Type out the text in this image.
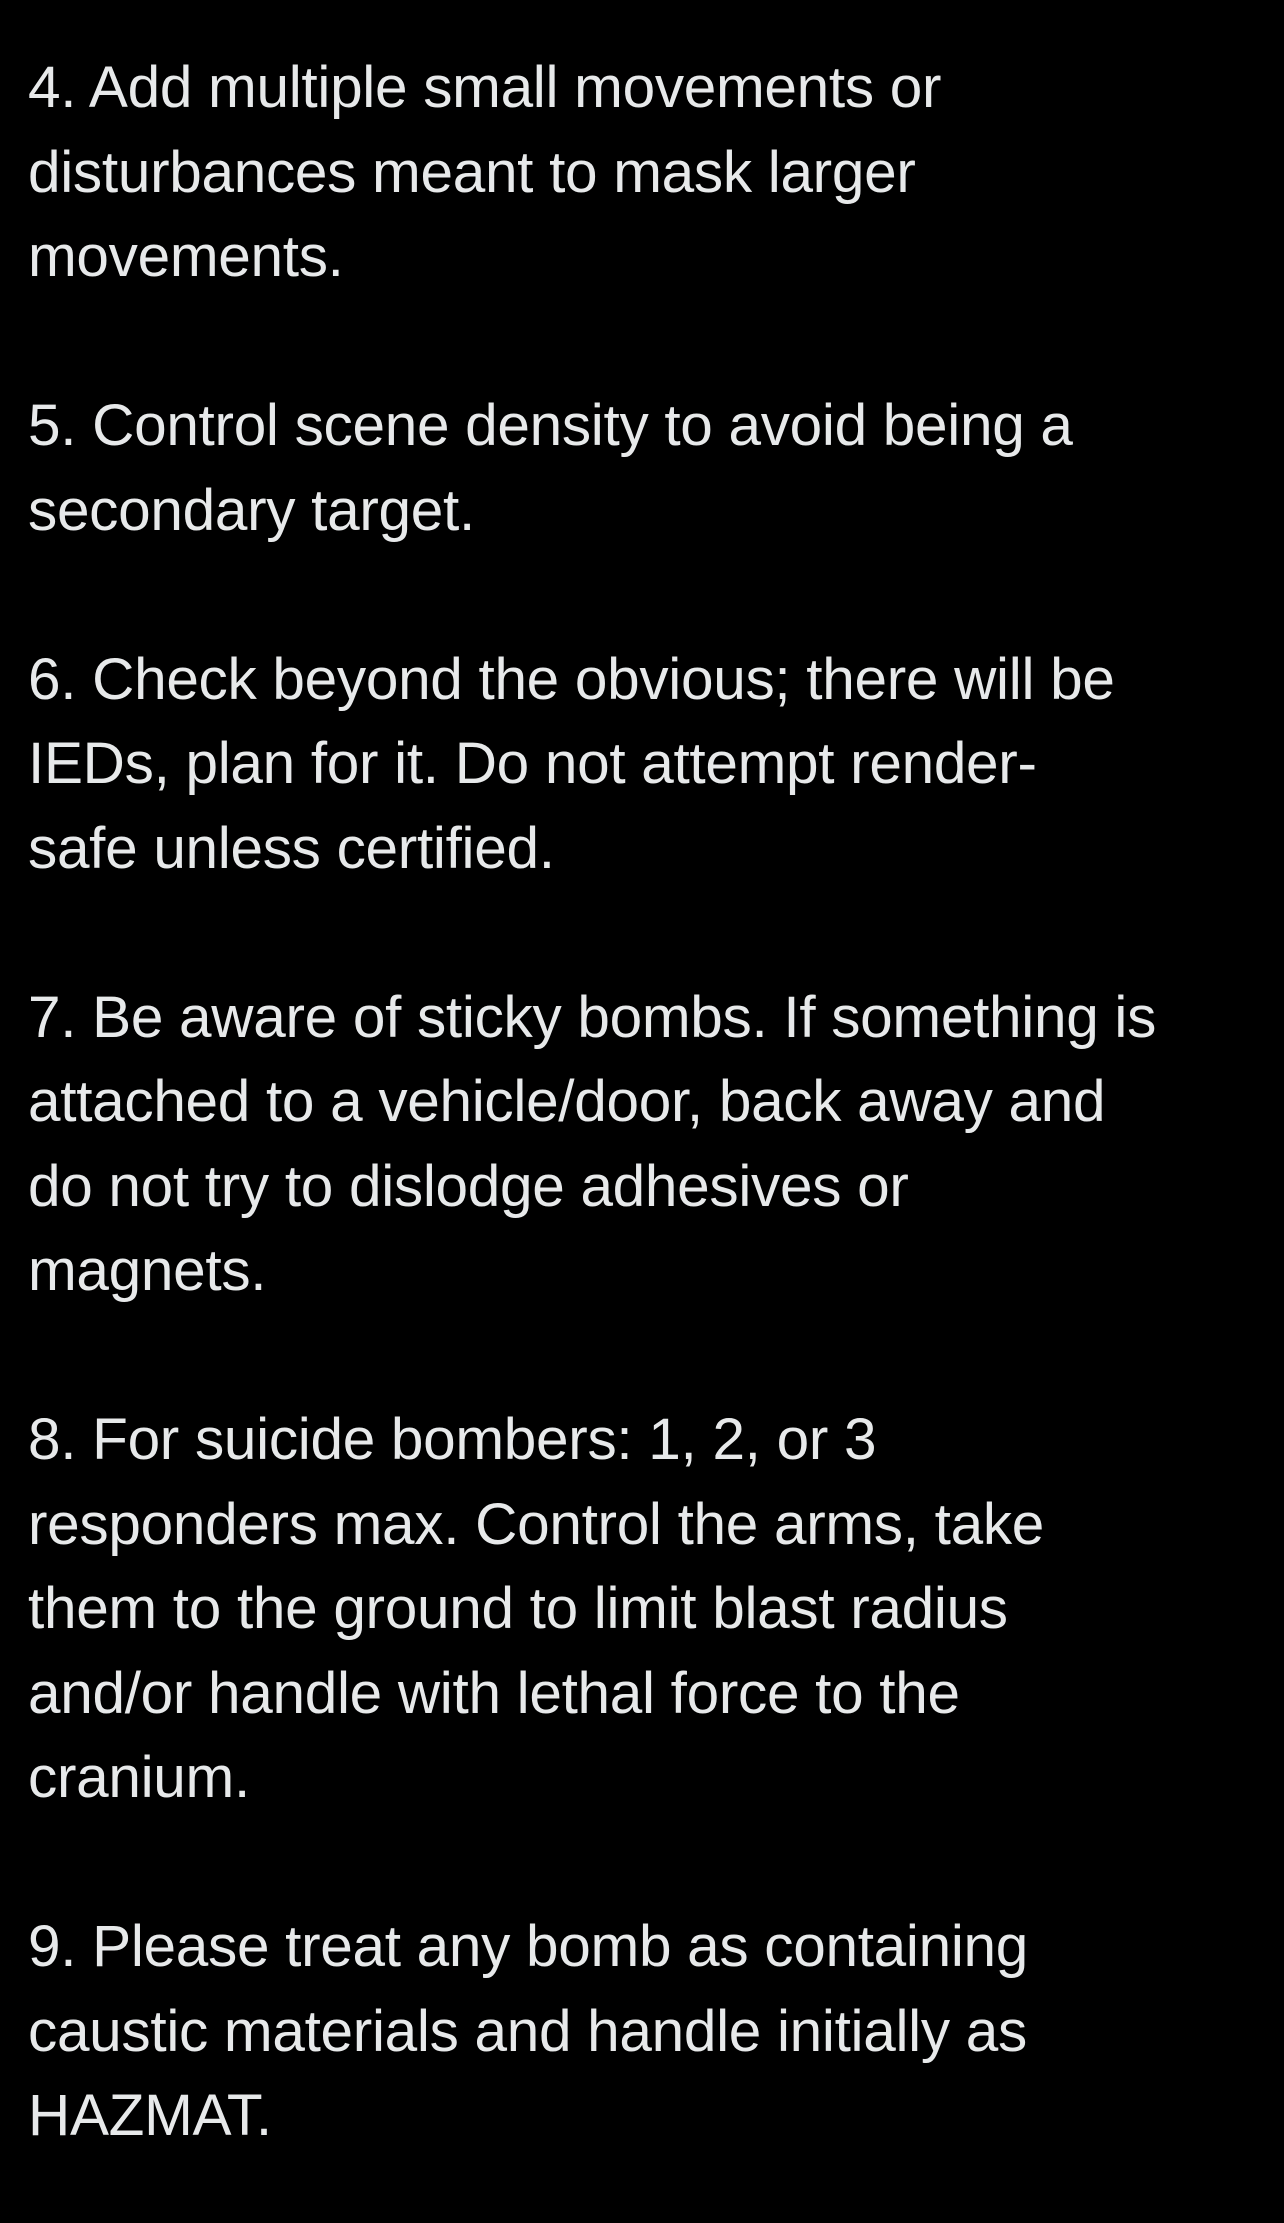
4. Add multiple small movements or
disturbances meant to mask larger
movements.

5. Control scene density to avoid being a
secondary target.

6. Check beyond the obvious; there will be
IEDs, plan for it. Do not attempt render-
safe unless certified.

7. Be aware of sticky bombs. If something is
attached to a vehicle/door, back away and
do not try to dislodge adhesives or
magnets.

8. For suicide bombers: 1, 2, or 3
responders max. Control the arms, take
them to the ground to limit blast radius
and/or handle with lethal force to the
cranium.

9. Please treat any bomb as containing
caustic materials and handle initially as
HAZMAT.
